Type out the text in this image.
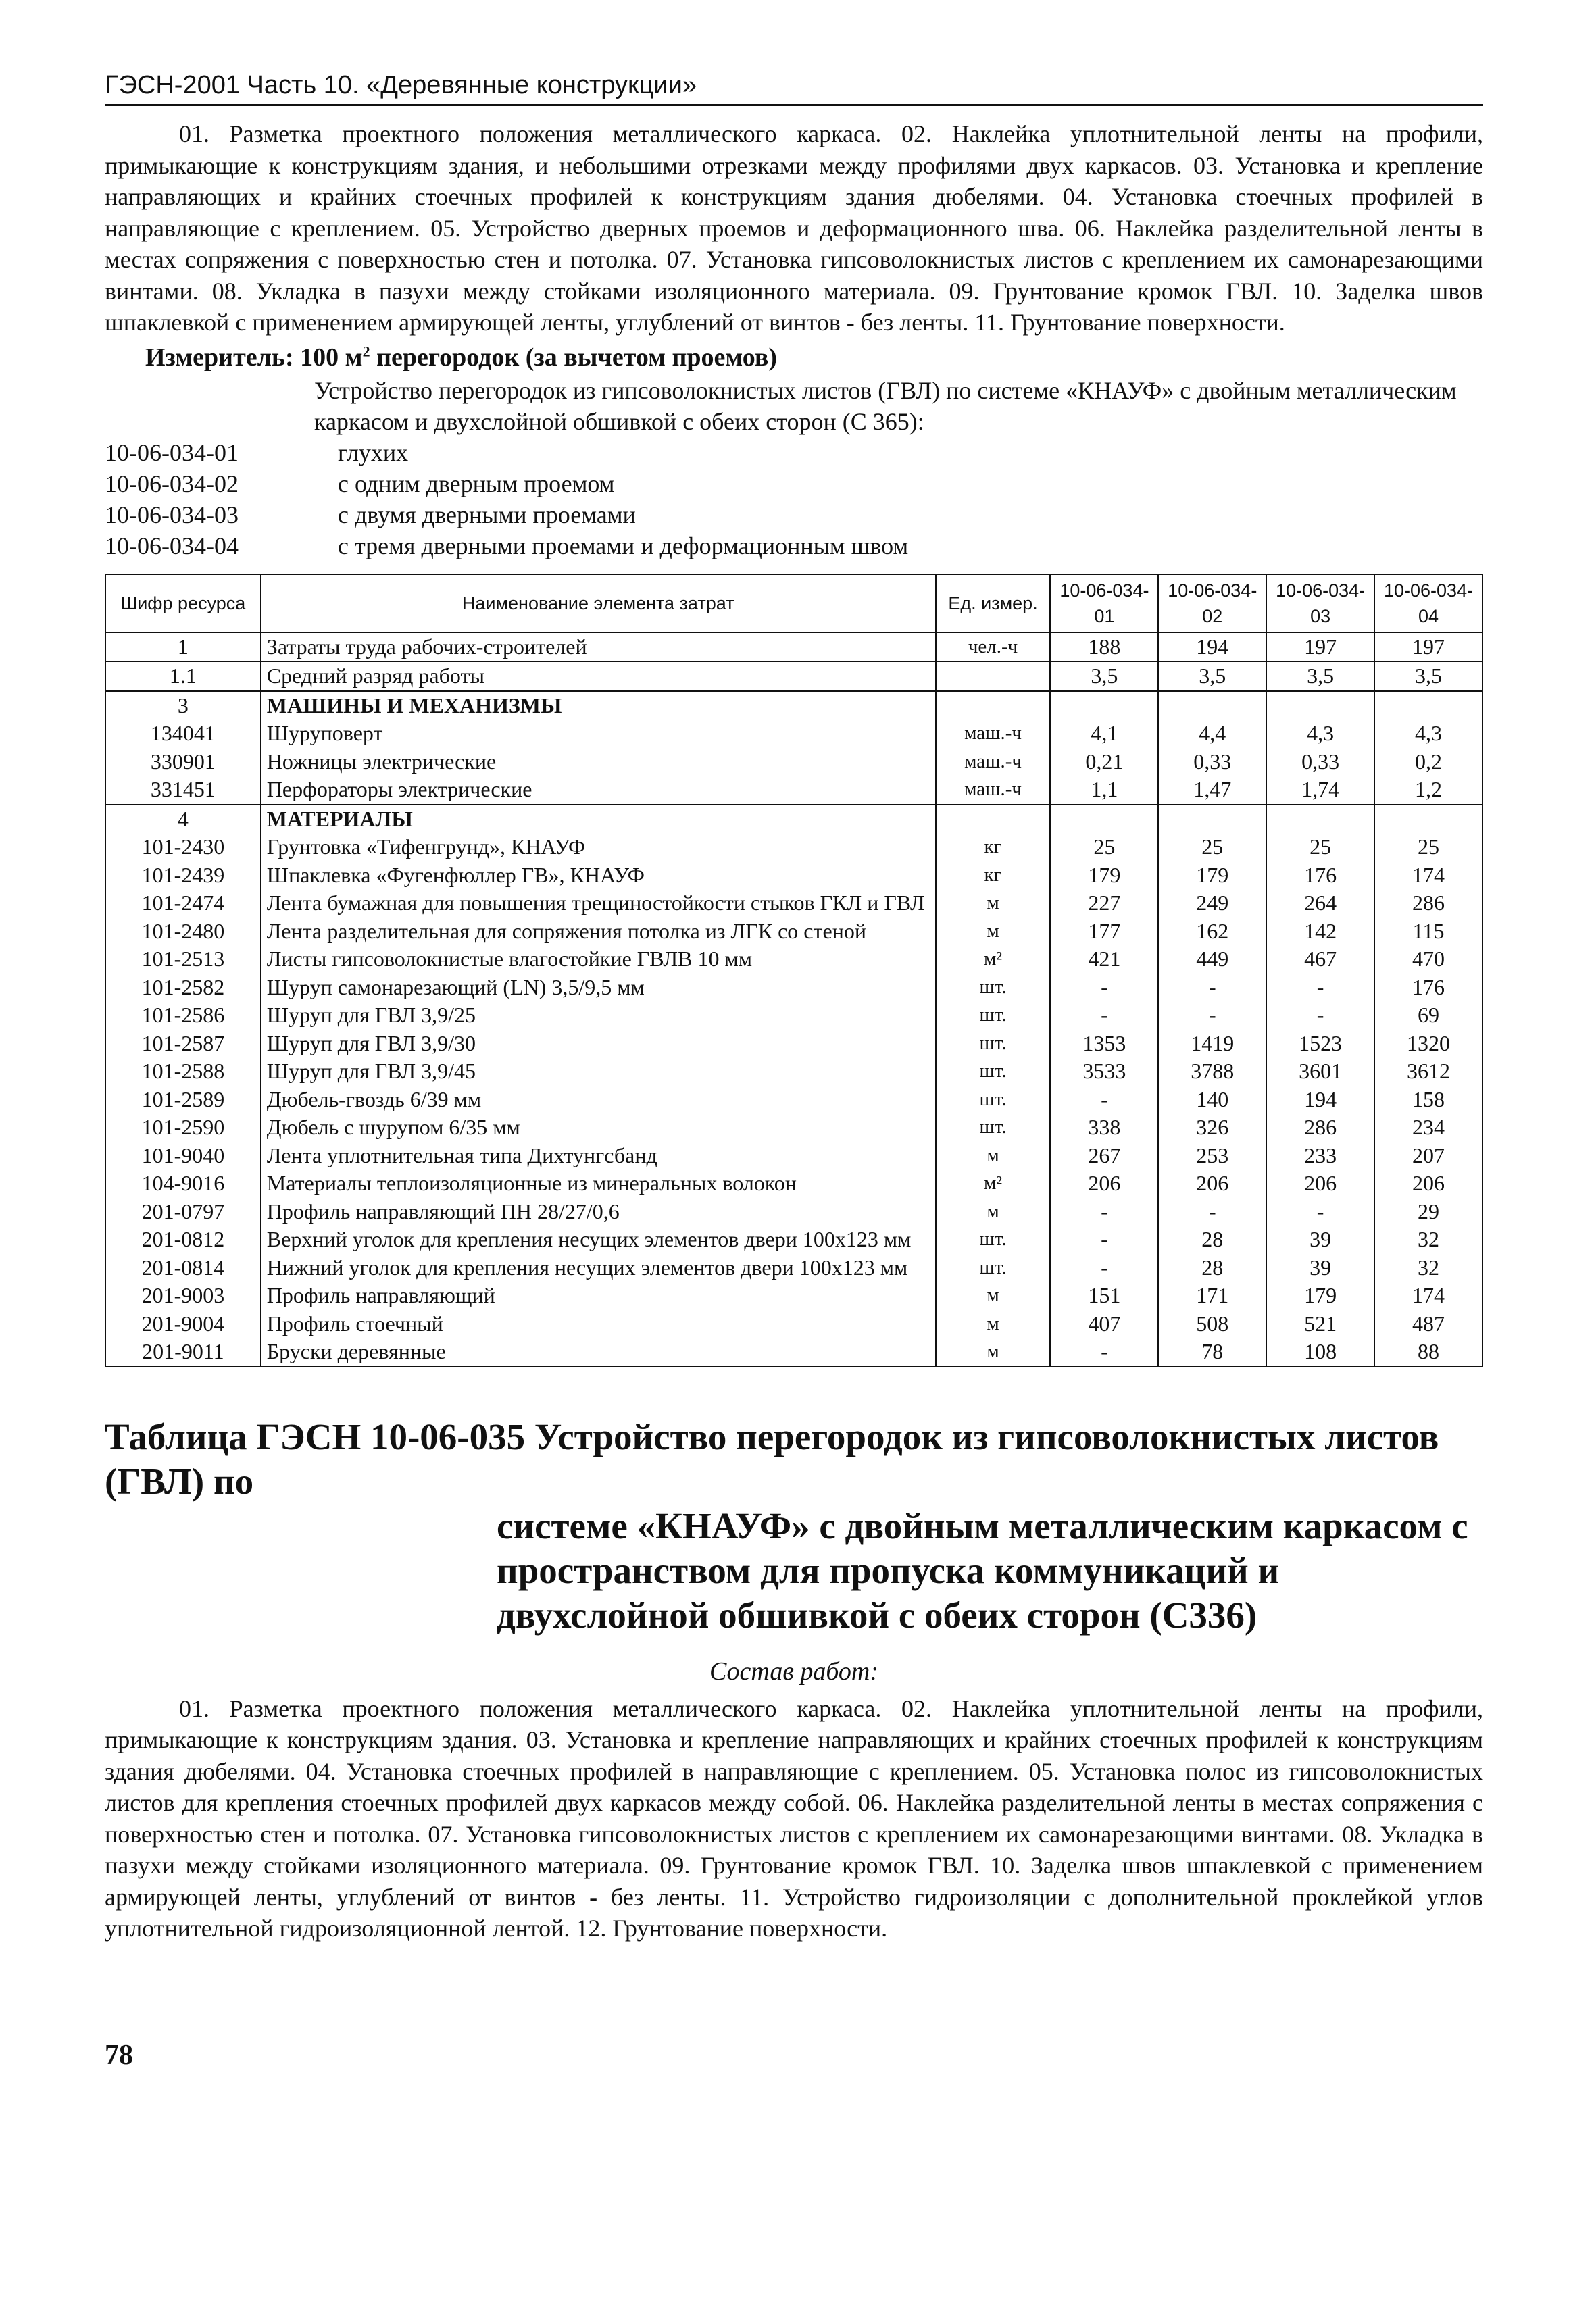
ГЭСН-2001 Часть 10. «Деревянные конструкции»

01. Разметка проектного положения металлического каркаса. 02. Наклейка уплотнительной ленты на профили, примыкающие к конструкциям здания, и небольшими отрезками между профилями двух каркасов. 03. Установка и крепление направляющих и крайних стоечных профилей к конструкциям здания дюбелями. 04. Установка стоечных профилей в направляющие с креплением. 05. Устройство дверных проемов и деформационного шва. 06. Наклейка разделительной ленты в местах сопряжения с поверхностью стен и потолка. 07. Установка гипсоволокнистых листов с креплением их самонарезающими винтами. 08. Укладка в пазухи между стойками изоляционного материала. 09. Грунтование кромок ГВЛ. 10. Заделка швов шпаклевкой с применением армирующей ленты, углублений от винтов - без ленты. 11. Грунтование поверхности.

Измеритель: 100 $м^2$ перегородок (за вычетом проемов)
Устройство перегородок из гипсоволокнистых листов (ГВЛ) по системе «КНАУФ» с двойным металлическим каркасом и двухслойной обшивкой с обеих сторон (С 365):
10-06-034-01	глухих
10-06-034-02	с одним дверным проемом
10-06-034-03	с двумя дверными проемами
10-06-034-04	с тремя дверными проемами и деформационным швом
Шифр ресурса	Наименование элемента затрат	Ед. измер.	10-06-034-01	10-06-034-02	10-06-034-03	10-06-034-04
1	Затраты труда рабочих-строителей	чел.-ч	188	194	197	197
1.1	Средний разряд работы		3,5	3,5	3,5	3,5
3	МАШИНЫ И МЕХАНИЗМЫ					
134041	Шуруповерт	маш.-ч	4,1	4,4	4,3	4,3
330901	Ножницы электрические	маш.-ч	0,21	0,33	0,33	0,2
331451	Перфораторы электрические	маш.-ч	1,1	1,47	1,74	1,2
4	МАТЕРИАЛЫ					
101-2430	Грунтовка «Тифенгрунд», КНАУФ	кг	25	25	25	25
101-2439	Шпаклевка «Фугенфюллер ГВ», КНАУФ	кг	179	179	176	174
101-2474	Лента бумажная для повышения трещиностойкости стыков ГКЛ и ГВЛ	м	227	249	264	286
101-2480	Лента разделительная для сопряжения потолка из ЛГК со стеной	м	177	162	142	115
101-2513	Листы гипсоволокнистые влагостойкие ГВЛВ 10 мм	м²	421	449	467	470
101-2582	Шуруп самонарезающий (LN) 3,5/9,5 мм	шт.	-	-	-	176
101-2586	Шуруп для ГВЛ 3,9/25	шт.	-	-	-	69
101-2587	Шуруп для ГВЛ 3,9/30	шт.	1353	1419	1523	1320
101-2588	Шуруп для ГВЛ 3,9/45	шт.	3533	3788	3601	3612
101-2589	Дюбель-гвоздь 6/39 мм	шт.	-	140	194	158
101-2590	Дюбель с шурупом 6/35 мм	шт.	338	326	286	234
101-9040	Лента уплотнительная типа Дихтунгсбанд	м	267	253	233	207
104-9016	Материалы теплоизоляционные из минеральных волокон	м²	206	206	206	206
201-0797	Профиль направляющий ПН 28/27/0,6	м	-	-	-	29
201-0812	Верхний уголок для крепления несущих элементов двери 100х123 мм	шт.	-	28	39	32
201-0814	Нижний уголок для крепления несущих элементов двери 100х123 мм	шт.	-	28	39	32
201-9003	Профиль направляющий	м	151	171	179	174
201-9004	Профиль стоечный	м	407	508	521	487
201-9011	Бруски деревянные	м	-	78	108	88
Таблица ГЭСН 10-06-035 Устройство перегородок из гипсоволокнистых листов (ГВЛ) по
системе «КНАУФ» с двойным металлическим каркасом с пространством для пропуска коммуникаций и двухслойной обшивкой с обеих сторон (С336)
Состав работ:

01. Разметка проектного положения металлического каркаса. 02. Наклейка уплотнительной ленты на профили, примыкающие к конструкциям здания. 03. Установка и крепление направляющих и крайних стоечных профилей к конструкциям здания дюбелями. 04. Установка стоечных профилей в направляющие с креплением. 05. Установка полос из гипсоволокнистых листов для крепления стоечных профилей двух каркасов между собой. 06. Наклейка разделительной ленты в местах сопряжения с поверхностью стен и потолка. 07. Установка гипсоволокнистых листов с креплением их самонарезающими винтами. 08. Укладка в пазухи между стойками изоляционного материала. 09. Грунтование кромок ГВЛ. 10. Заделка швов шпаклевкой с применением армирующей ленты, углублений от винтов - без ленты. 11. Устройство гидроизоляции с дополнительной проклейкой углов уплотнительной гидроизоляционной лентой. 12. Грунтование поверхности.

78
